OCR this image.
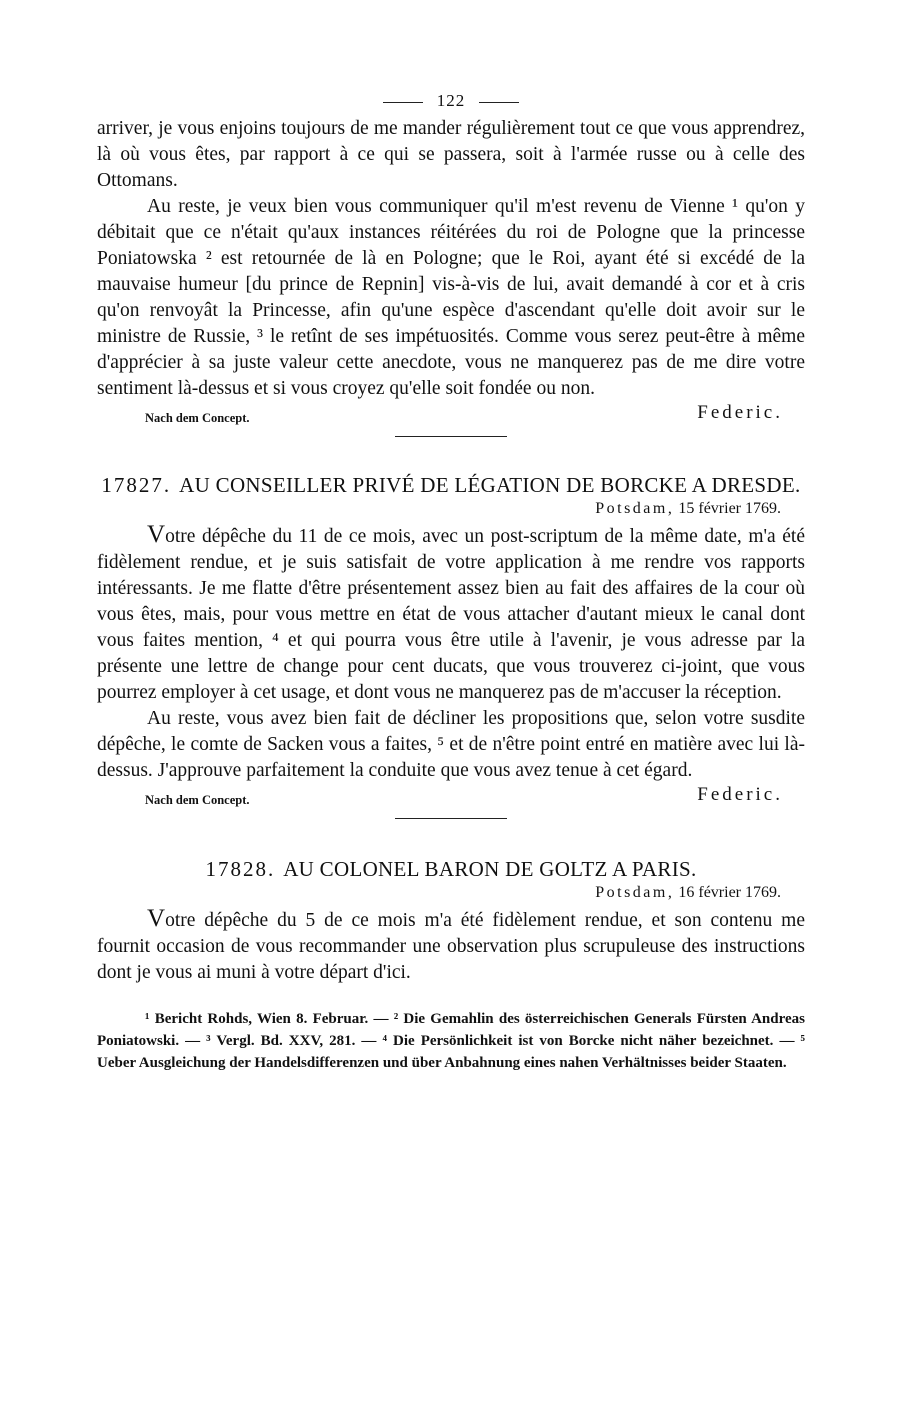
122

arriver, je vous enjoins toujours de me mander régulièrement tout ce que vous apprendrez, là où vous êtes, par rapport à ce qui se passera, soit à l'armée russe ou à celle des Ottomans.

Au reste, je veux bien vous communiquer qu'il m'est revenu de Vienne ¹ qu'on y débitait que ce n'était qu'aux instances réitérées du roi de Pologne que la princesse Poniatowska ² est retournée de là en Pologne; que le Roi, ayant été si excédé de la mauvaise humeur [du prince de Repnin] vis-à-vis de lui, avait demandé à cor et à cris qu'on renvoyât la Princesse, afin qu'une espèce d'ascendant qu'elle doit avoir sur le ministre de Russie, ³ le retînt de ses impétuosités. Comme vous serez peut-être à même d'apprécier à sa juste valeur cette anecdote, vous ne manquerez pas de me dire votre sentiment là-dessus et si vous croyez qu'elle soit fondée ou non.

Nach dem Concept.	Federic.
17827. AU CONSEILLER PRIVÉ DE LÉGATION DE BORCKE A DRESDE.
Potsdam, 15 février 1769.

Votre dépêche du 11 de ce mois, avec un post-scriptum de la même date, m'a été fidèlement rendue, et je suis satisfait de votre application à me rendre vos rapports intéressants. Je me flatte d'être présentement assez bien au fait des affaires de la cour où vous êtes, mais, pour vous mettre en état de vous attacher d'autant mieux le canal dont vous faites mention, ⁴ et qui pourra vous être utile à l'avenir, je vous adresse par la présente une lettre de change pour cent ducats, que vous trouverez ci-joint, que vous pourrez employer à cet usage, et dont vous ne manquerez pas de m'accuser la réception.

Au reste, vous avez bien fait de décliner les propositions que, selon votre susdite dépêche, le comte de Sacken vous a faites, ⁵ et de n'être point entré en matière avec lui là-dessus. J'approuve parfaitement la conduite que vous avez tenue à cet égard.

Nach dem Concept.	Federic.
17828. AU COLONEL BARON DE GOLTZ A PARIS.
Potsdam, 16 février 1769.

Votre dépêche du 5 de ce mois m'a été fidèlement rendue, et son contenu me fournit occasion de vous recommander une observation plus scrupuleuse des instructions dont je vous ai muni à votre départ d'ici.

¹ Bericht Rohds, Wien 8. Februar. — ² Die Gemahlin des österreichischen Generals Fürsten Andreas Poniatowski. — ³ Vergl. Bd. XXV, 281. — ⁴ Die Persönlichkeit ist von Borcke nicht näher bezeichnet. — ⁵ Ueber Ausgleichung der Handelsdifferenzen und über Anbahnung eines nahen Verhältnisses beider Staaten.
